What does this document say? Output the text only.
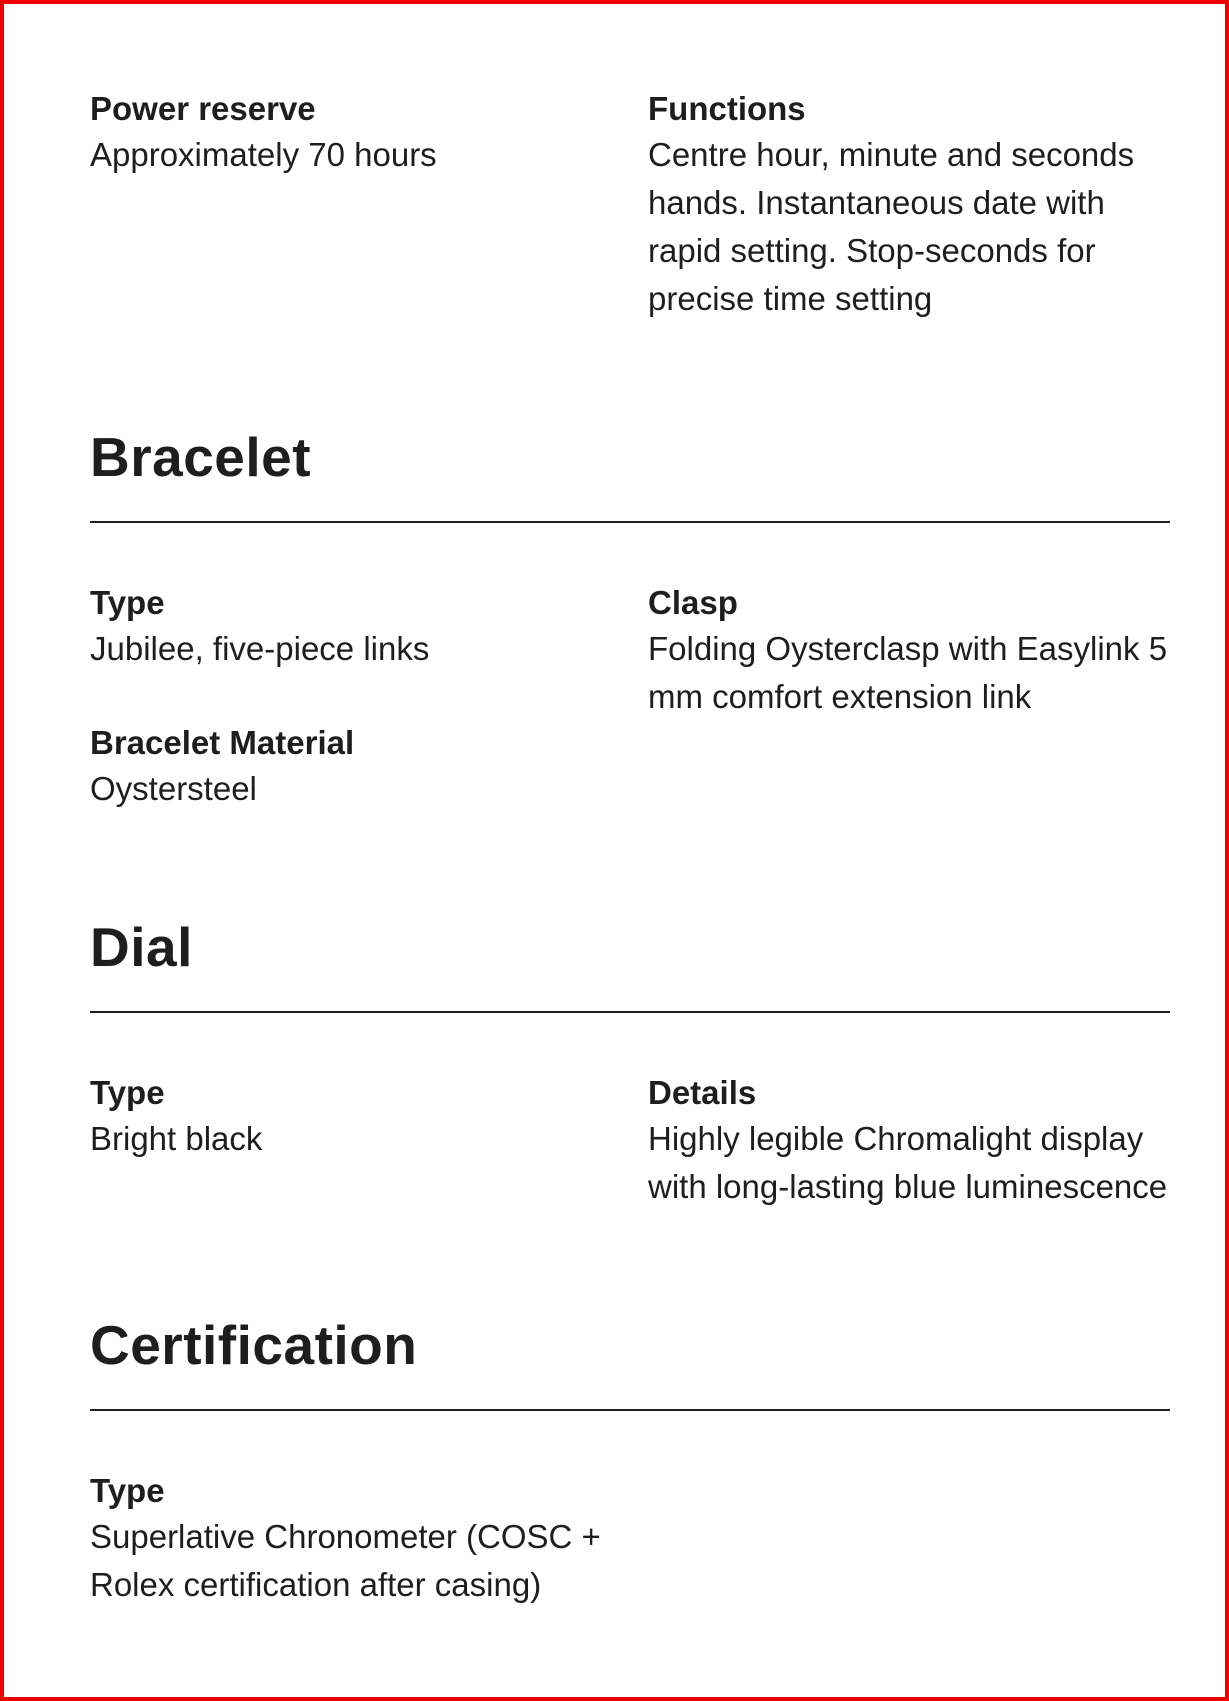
Power reserve

Approximately 70 hours

Functions

Centre hour, minute and seconds hands. Instantaneous date with rapid setting. Stop-seconds for precise time setting

Bracelet
Type

Jubilee, five-piece links

Bracelet Material

Oystersteel

Clasp

Folding Oysterclasp with Easylink 5 mm comfort extension link

Dial
Type

Bright black

Details

Highly legible Chromalight display with long-lasting blue luminescence

Certification
Type

Superlative Chronometer (COSC + Rolex certification after casing)
